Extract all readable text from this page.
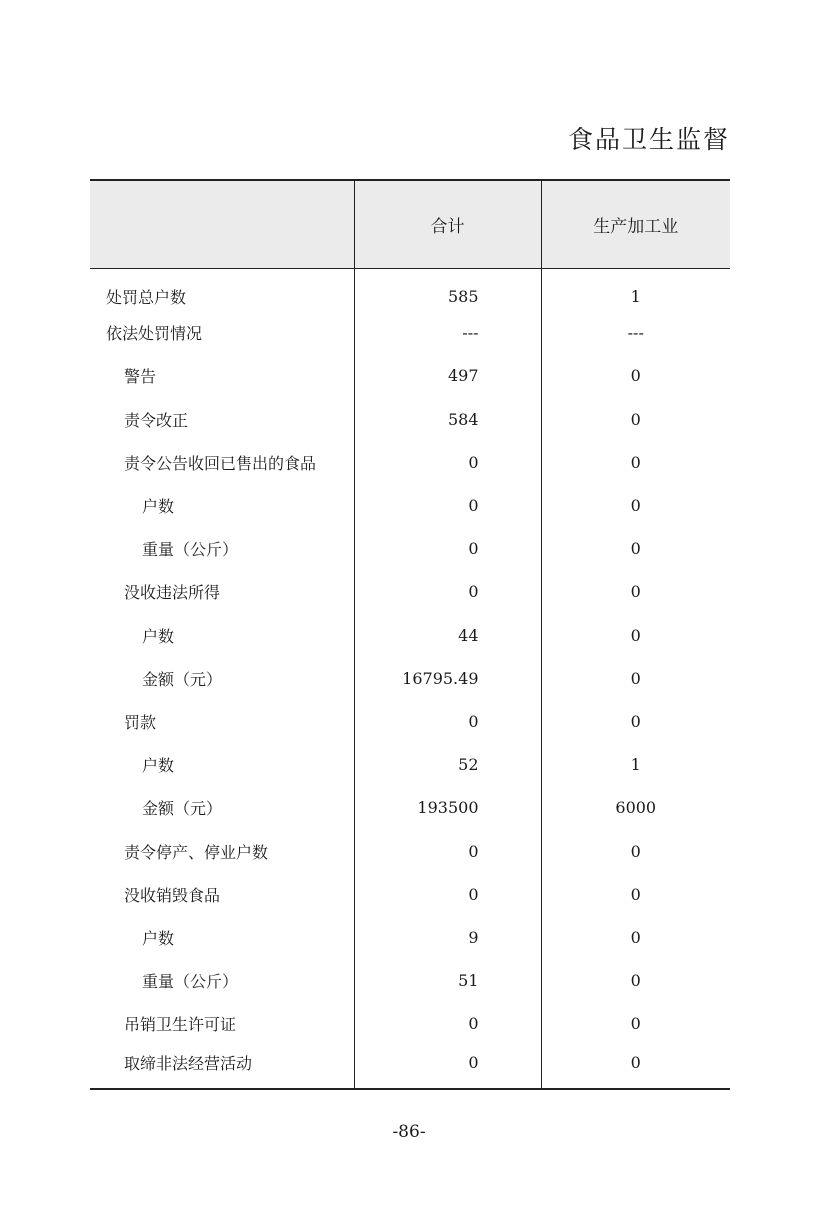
食品卫生监督
	合计	生产加工业
处罚总户数	585	1
依法处罚情况	---	---
警告	497	0
责令改正	584	0
责令公告收回已售出的食品	0	0
户数	0	0
重量（公斤）	0	0
没收违法所得	0	0
户数	44	0
金额（元）	16795.49	0
罚款	0	0
户数	52	1
金额（元）	193500	6000
责令停产、停业户数	0	0
没收销毁食品	0	0
户数	9	0
重量（公斤）	51	0
吊销卫生许可证	0	0
取缔非法经营活动	0	0
-86-
